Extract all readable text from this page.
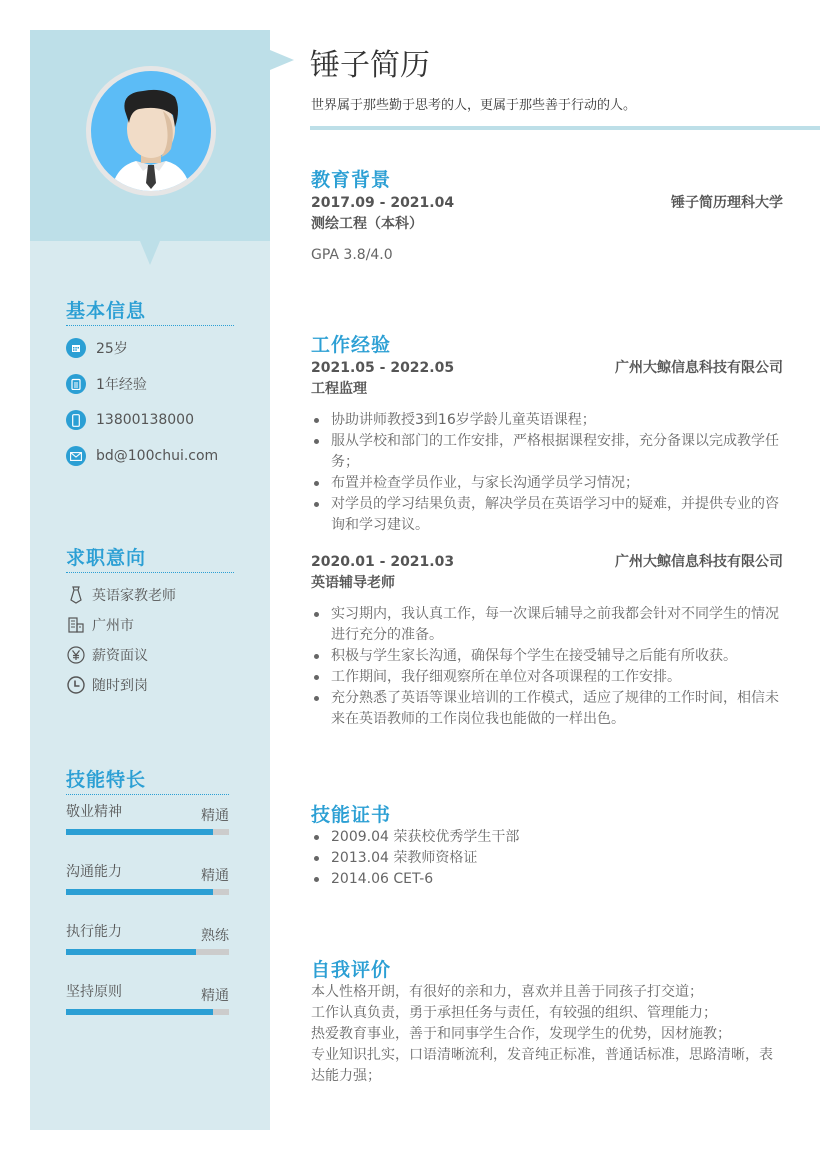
基本信息
25岁
1年经验
13800138000
bd@100chui.com
求职意向
英语家教老师
广州市
薪资面议
随时到岗
技能特长
敬业精神	精通
沟通能力	精通
执行能力	熟练
坚持原则	精通
锤子简历
世界属于那些勤于思考的人，更属于那些善于行动的人。
教育背景
2017.09 - 2021.04	锤子简历理科大学
测绘工程（本科）
GPA 3.8/4.0
工作经验
2021.05 - 2022.05	广州大鲸信息科技有限公司
工程监理
协助讲师教授3到16岁学龄儿童英语课程；
服从学校和部门的工作安排，严格根据课程安排，充分备课以完成教学任务；
布置并检查学员作业，与家长沟通学员学习情况；
对学员的学习结果负责，解决学员在英语学习中的疑难，并提供专业的咨询和学习建议。
2020.01 - 2021.03	广州大鲸信息科技有限公司
英语辅导老师
实习期内，我认真工作，每一次课后辅导之前我都会针对不同学生的情况进行充分的准备。
积极与学生家长沟通，确保每个学生在接受辅导之后能有所收获。
工作期间，我仔细观察所在单位对各项课程的工作安排。
充分熟悉了英语等课业培训的工作模式，适应了规律的工作时间，相信未来在英语教师的工作岗位我也能做的一样出色。
技能证书
2009.04 荣获校优秀学生干部
2013.04 荣教师资格证
2014.06 CET-6
自我评价
本人性格开朗，有很好的亲和力，喜欢并且善于同孩子打交道；
工作认真负责，勇于承担任务与责任，有较强的组织、管理能力；
热爱教育事业，善于和同事学生合作，发现学生的优势，因材施教；
专业知识扎实，口语清晰流利，发音纯正标准，普通话标准，思路清晰，表达能力强；
